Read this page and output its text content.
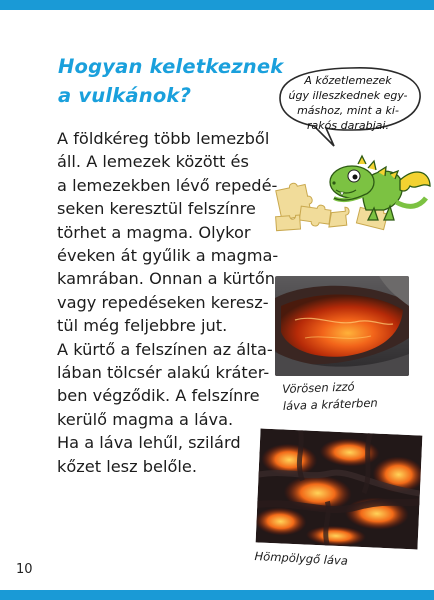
Hogyan keletkeznek
a vulkánok?
A földkéreg több lemezből
áll. A lemezek között és
a lemezekben lévő repedé-
seken keresztül felszínre
törhet a magma. Olykor
éveken át gyűlik a magma-
kamrában. Onnan a kürtőn
vagy repedéseken keresz-
tül még feljebbre jut.
A kürtő a felszínen az álta-
lában tölcsér alakú kráter-
ben végződik. A felszínre
kerülő magma a láva.
Ha a láva lehűl, szilárd
kőzet lesz belőle.
A kőzetlemezek
úgy illeszkednek egy-
máshoz, mint a ki-
rakós darabjai.
Vörösen izzó
láva a kráterben
Hömpölygő láva
10
